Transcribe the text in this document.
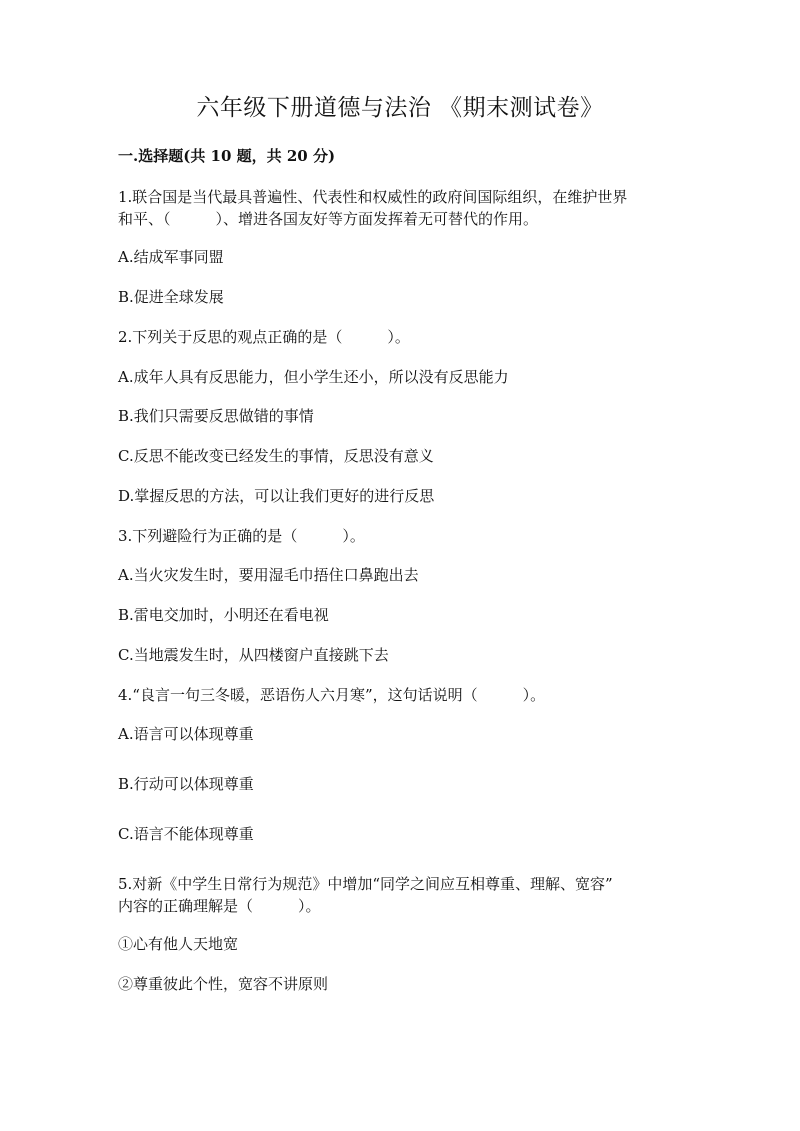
六年级下册道德与法治 《期末测试卷》
一.选择题(共 10 题，共 20 分)
1.联合国是当代最具普遍性、代表性和权威性的政府间国际组织，在维护世界
和平、（　　　）、增进各国友好等方面发挥着无可替代的作用。
A.结成军事同盟
B.促进全球发展
2.下列关于反思的观点正确的是（　　　）。
A.成年人具有反思能力，但小学生还小，所以没有反思能力
B.我们只需要反思做错的事情
C.反思不能改变已经发生的事情，反思没有意义
D.掌握反思的方法，可以让我们更好的进行反思
3.下列避险行为正确的是（　　　）。
A.当火灾发生时，要用湿毛巾捂住口鼻跑出去
B.雷电交加时，小明还在看电视
C.当地震发生时，从四楼窗户直接跳下去
4.“良言一句三冬暖，恶语伤人六月寒”，这句话说明（　　　）。
A.语言可以体现尊重
B.行动可以体现尊重
C.语言不能体现尊重
5.对新《中学生日常行为规范》中增加“同学之间应互相尊重、理解、宽容”
内容的正确理解是（　　　）。
①心有他人天地宽
②尊重彼此个性，宽容不讲原则
